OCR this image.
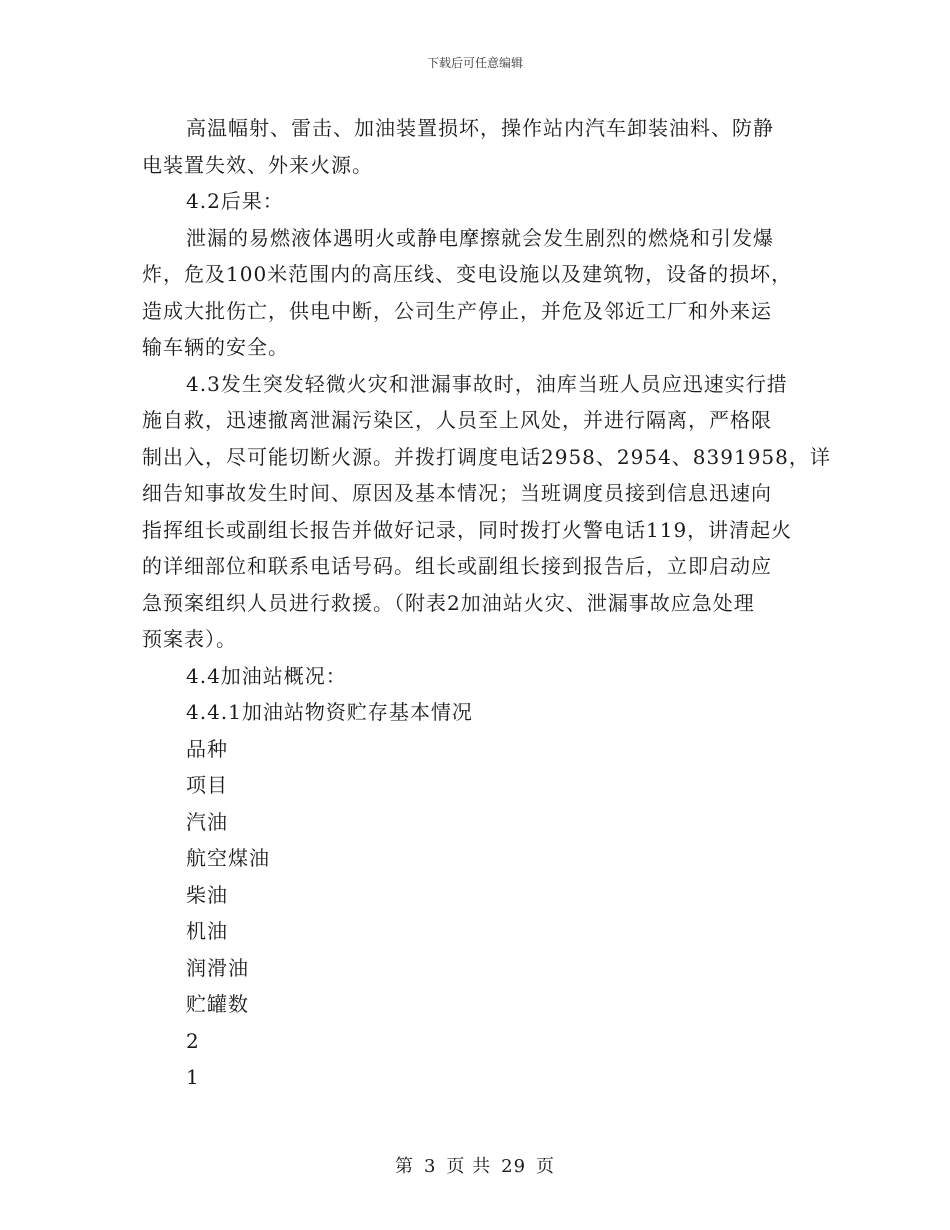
下载后可任意编辑
高温幅射、雷击、加油装置损坏，操作站内汽车卸装油料、防静
电装置失效、外来火源。
4.2后果：
泄漏的易燃液体遇明火或静电摩擦就会发生剧烈的燃烧和引发爆
炸，危及100米范围内的高压线、变电设施以及建筑物，设备的损坏，
造成大批伤亡，供电中断，公司生产停止，并危及邻近工厂和外来运
输车辆的安全。
4.3发生突发轻微火灾和泄漏事故时，油库当班人员应迅速实行措
施自救，迅速撤离泄漏污染区，人员至上风处，并进行隔离，严格限
制出入，尽可能切断火源。并拨打调度电话2958、2954、8391958，详
细告知事故发生时间、原因及基本情况；当班调度员接到信息迅速向
指挥组长或副组长报告并做好记录，同时拨打火警电话119，讲清起火
的详细部位和联系电话号码。组长或副组长接到报告后，立即启动应
急预案组织人员进行救援。（附表2加油站火灾、泄漏事故应急处理
预案表）。
4.4加油站概况：
4.4.1加油站物资贮存基本情况
品种
项目
汽油
航空煤油
柴油
机油
润滑油
贮罐数
2
1
第 3 页 共 29 页
